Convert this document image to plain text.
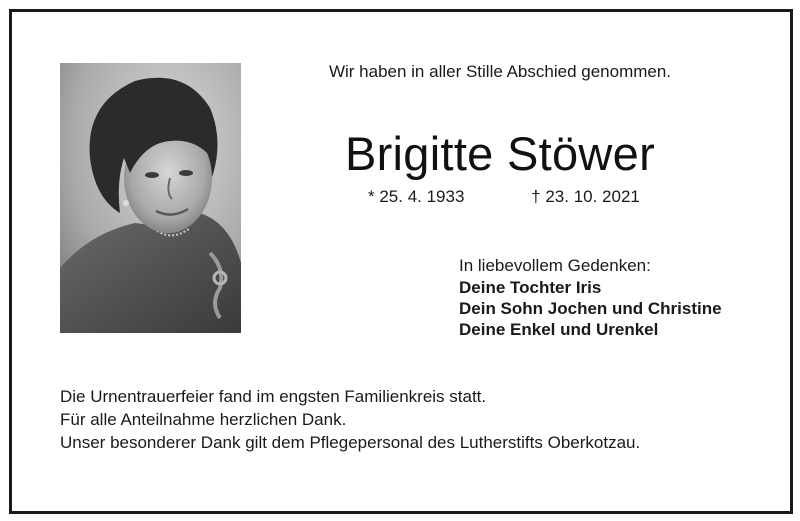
Wir haben in aller Stille Abschied genommen.
Brigitte Stöwer
* 25. 4. 1933	† 23. 10. 2021
In liebevollem Gedenken:
Deine Tochter Iris
Dein Sohn Jochen und Christine
Deine Enkel und Urenkel
Die Urnentrauerfeier fand im engsten Familienkreis statt.
Für alle Anteilnahme herzlichen Dank.
Unser besonderer Dank gilt dem Pflegepersonal des Lutherstifts Oberkotzau.
